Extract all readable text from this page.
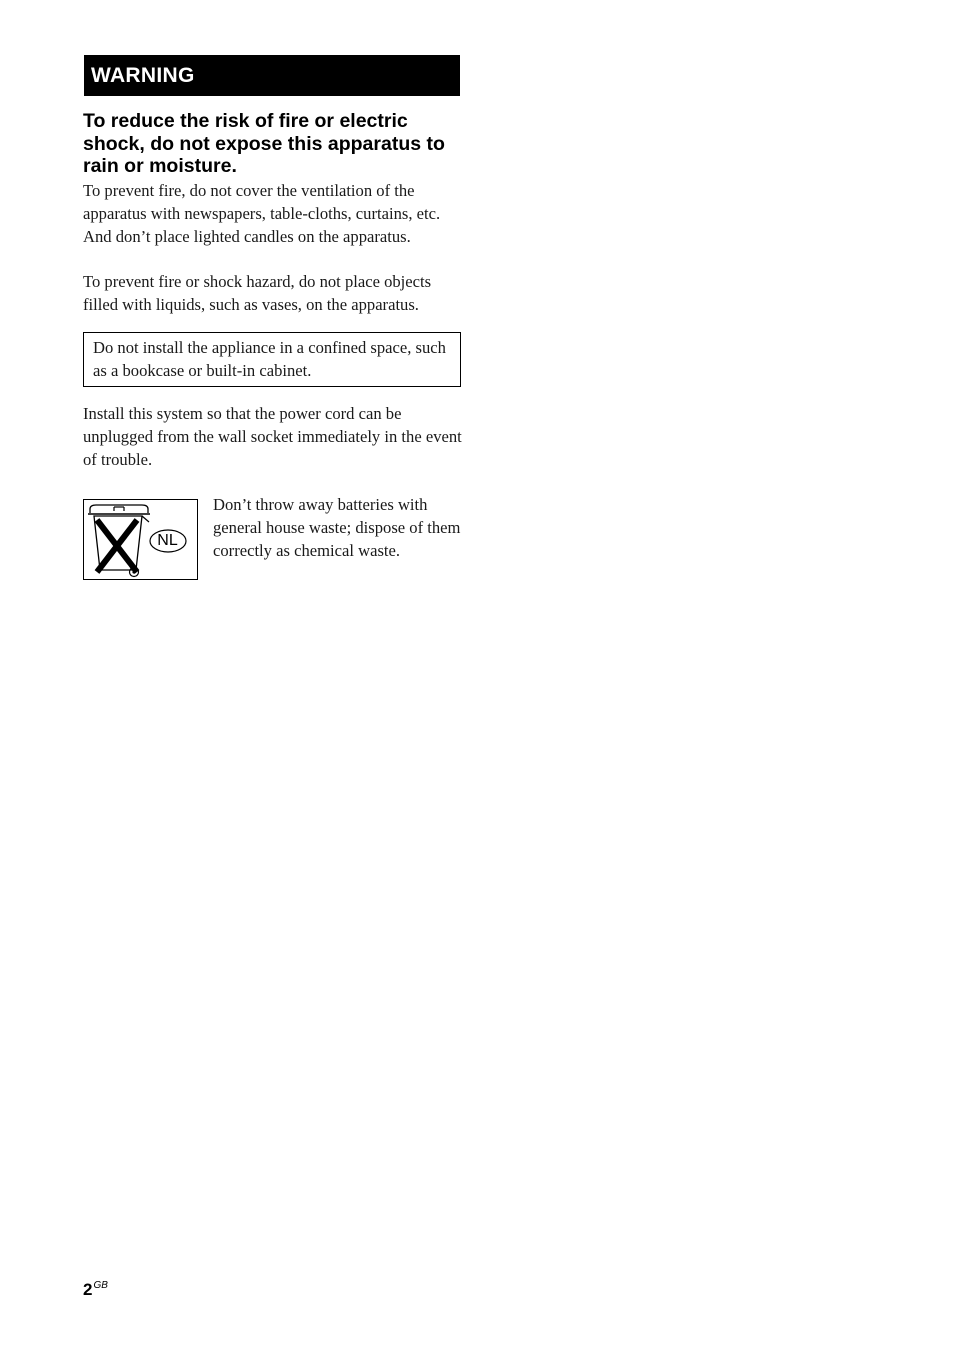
WARNING
To reduce the risk of fire or electric shock, do not expose this apparatus to rain or moisture.
To prevent fire, do not cover the ventilation of the apparatus with newspapers, table-cloths, curtains, etc. And don’t place lighted candles on the apparatus.
To prevent fire or shock hazard, do not place objects filled with liquids, such as vases, on the apparatus.
Do not install the appliance in a confined space, such as a bookcase or built-in cabinet.
Install this system so that the power cord can be unplugged from the wall socket immediately in the event of trouble.
NL
Don’t throw away batteries with general house waste; dispose of them correctly as chemical waste.
$2^{GB}$
